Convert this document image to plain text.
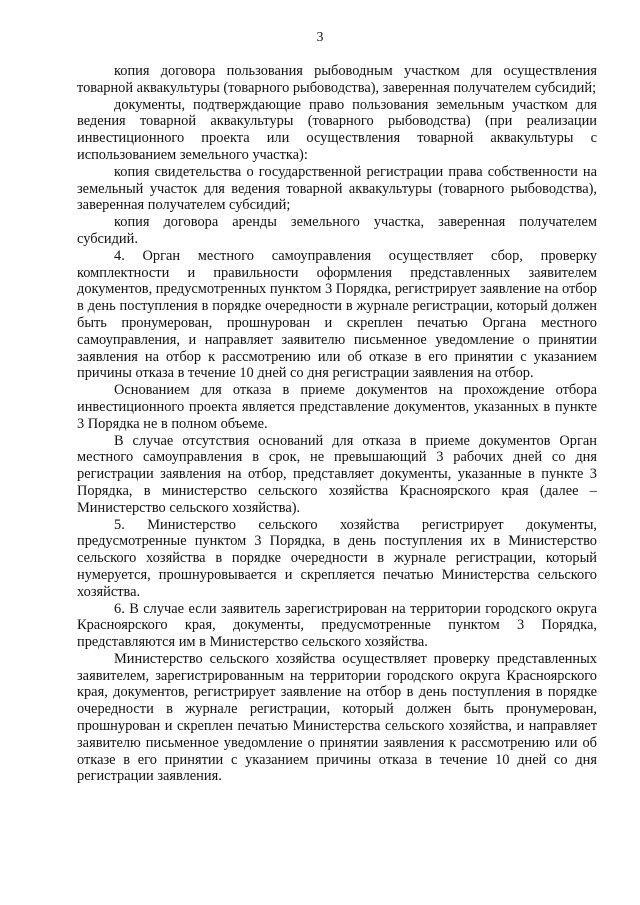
3

копия договора пользования рыбоводным участком для осуществления товарной аквакультуры (товарного рыбоводства), заверенная получателем субсидий;

документы, подтверждающие право пользования земельным участком для ведения товарной аквакультуры (товарного рыбоводства) (при реализации инвестиционного проекта или осуществления товарной аквакультуры с использованием земельного участка):

копия свидетельства о государственной регистрации права собственности на земельный участок для ведения товарной аквакультуры (товарного рыбоводства), заверенная получателем субсидий;

копия договора аренды земельного участка, заверенная получателем субсидий.

4. Орган местного самоуправления осуществляет сбор, проверку комплектности и правильности оформления представленных заявителем документов, предусмотренных пунктом 3 Порядка, регистрирует заявление на отбор в день поступления в порядке очередности в журнале регистрации, который должен быть пронумерован, прошнурован и скреплен печатью Органа местного самоуправления, и направляет заявителю письменное уведомление о принятии заявления на отбор к рассмотрению или об отказе в его принятии с указанием причины отказа в течение 10 дней со дня регистрации заявления на отбор.

Основанием для отказа в приеме документов на прохождение отбора инвестиционного проекта является представление документов, указанных в пункте 3 Порядка не в полном объеме.

В случае отсутствия оснований для отказа в приеме документов Орган местного самоуправления в срок, не превышающий 3 рабочих дней со дня регистрации заявления на отбор, представляет документы, указанные в пункте 3 Порядка, в министерство сельского хозяйства Красноярского края (далее – Министерство сельского хозяйства).

5. Министерство сельского хозяйства регистрирует документы, предусмотренные пунктом 3 Порядка, в день поступления их в Министерство сельского хозяйства в порядке очередности в журнале регистрации, который нумеруется, прошнуровывается и скрепляется печатью Министерства сельского хозяйства.

6. В случае если заявитель зарегистрирован на территории городского округа Красноярского края, документы, предусмотренные пунктом 3 Порядка, представляются им в Министерство сельского хозяйства.

Министерство сельского хозяйства осуществляет проверку представленных заявителем, зарегистрированным на территории городского округа Красноярского края, документов, регистрирует заявление на отбор в день поступления в порядке очередности в журнале регистрации, который должен быть пронумерован, прошнурован и скреплен печатью Министерства сельского хозяйства, и направляет заявителю письменное уведомление о принятии заявления к рассмотрению или об отказе в его принятии с указанием причины отказа в течение 10 дней со дня регистрации заявления.
